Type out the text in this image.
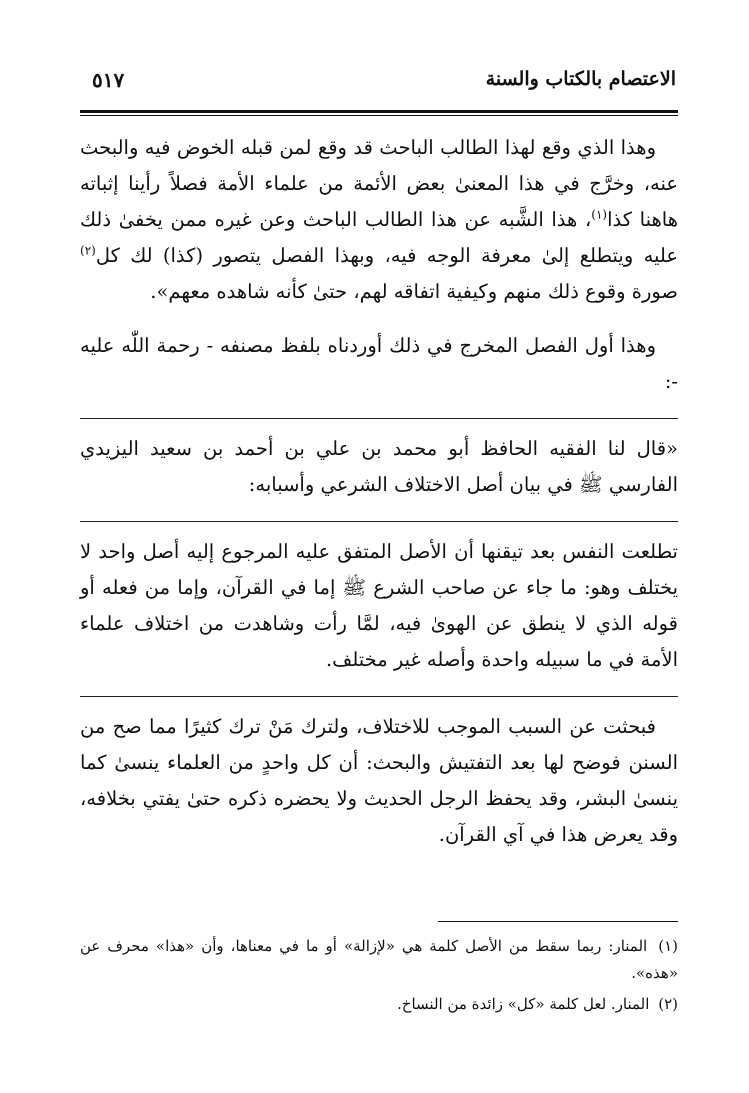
الاعتصام بالكتاب والسنة
٥١٧

وهذا الذي وقع لهذا الطالب الباحث قد وقع لمن قبله الخوض فيه والبحث عنه، وخرَّج في هذا المعنىٰ بعض الأئمة من علماء الأمة فصلاً رأينا إثباته هاهنا كذا$^{(١)}$، هذا الشَّبه عن هذا الطالب الباحث وعن غيره ممن يخفىٰ ذلك عليه ويتطلع إلىٰ معرفة الوجه فيه، وبهذا الفصل يتصور (كذا) لك كل$^{(٢)}$ صورة وقوع ذلك منهم وكيفية اتفاقه لهم، حتىٰ كأنه شاهده معهم».

وهذا أول الفصل المخرج في ذلك أوردناه بلفظ مصنفه - رحمة اللّٰه عليه -:

«قال لنا الفقيه الحافظ أبو محمد بن علي بن أحمد بن سعيد اليزيدي الفارسي ﷺ في بيان أصل الاختلاف الشرعي وأسبابه:

تطلعت النفس بعد تيقنها أن الأصل المتفق عليه المرجوع إليه أصل واحد لا يختلف وهو: ما جاء عن صاحب الشرع ﷺ إما في القرآن، وإما من فعله أو قوله الذي لا ينطق عن الهوىٰ فيه، لمَّا رأت وشاهدت من اختلاف علماء الأمة في ما سبيله واحدة وأصله غير مختلف.

فبحثت عن السبب الموجب للاختلاف، ولترك مَنْ ترك كثيرًا مما صح من السنن فوضح لها بعد التفتيش والبحث: أن كل واحدٍ من العلماء ينسىٰ كما ينسىٰ البشر، وقد يحفظ الرجل الحديث ولا يحضره ذكره حتىٰ يفتي بخلافه، وقد يعرض هذا في آي القرآن.

(١) المنار: ربما سقط من الأصل كلمة هي «لإزالة» أو ما في معناها، وأن «هذا» محرف عن «هذه».

(٢) المنار. لعل كلمة «كل» زائدة من النساخ.
